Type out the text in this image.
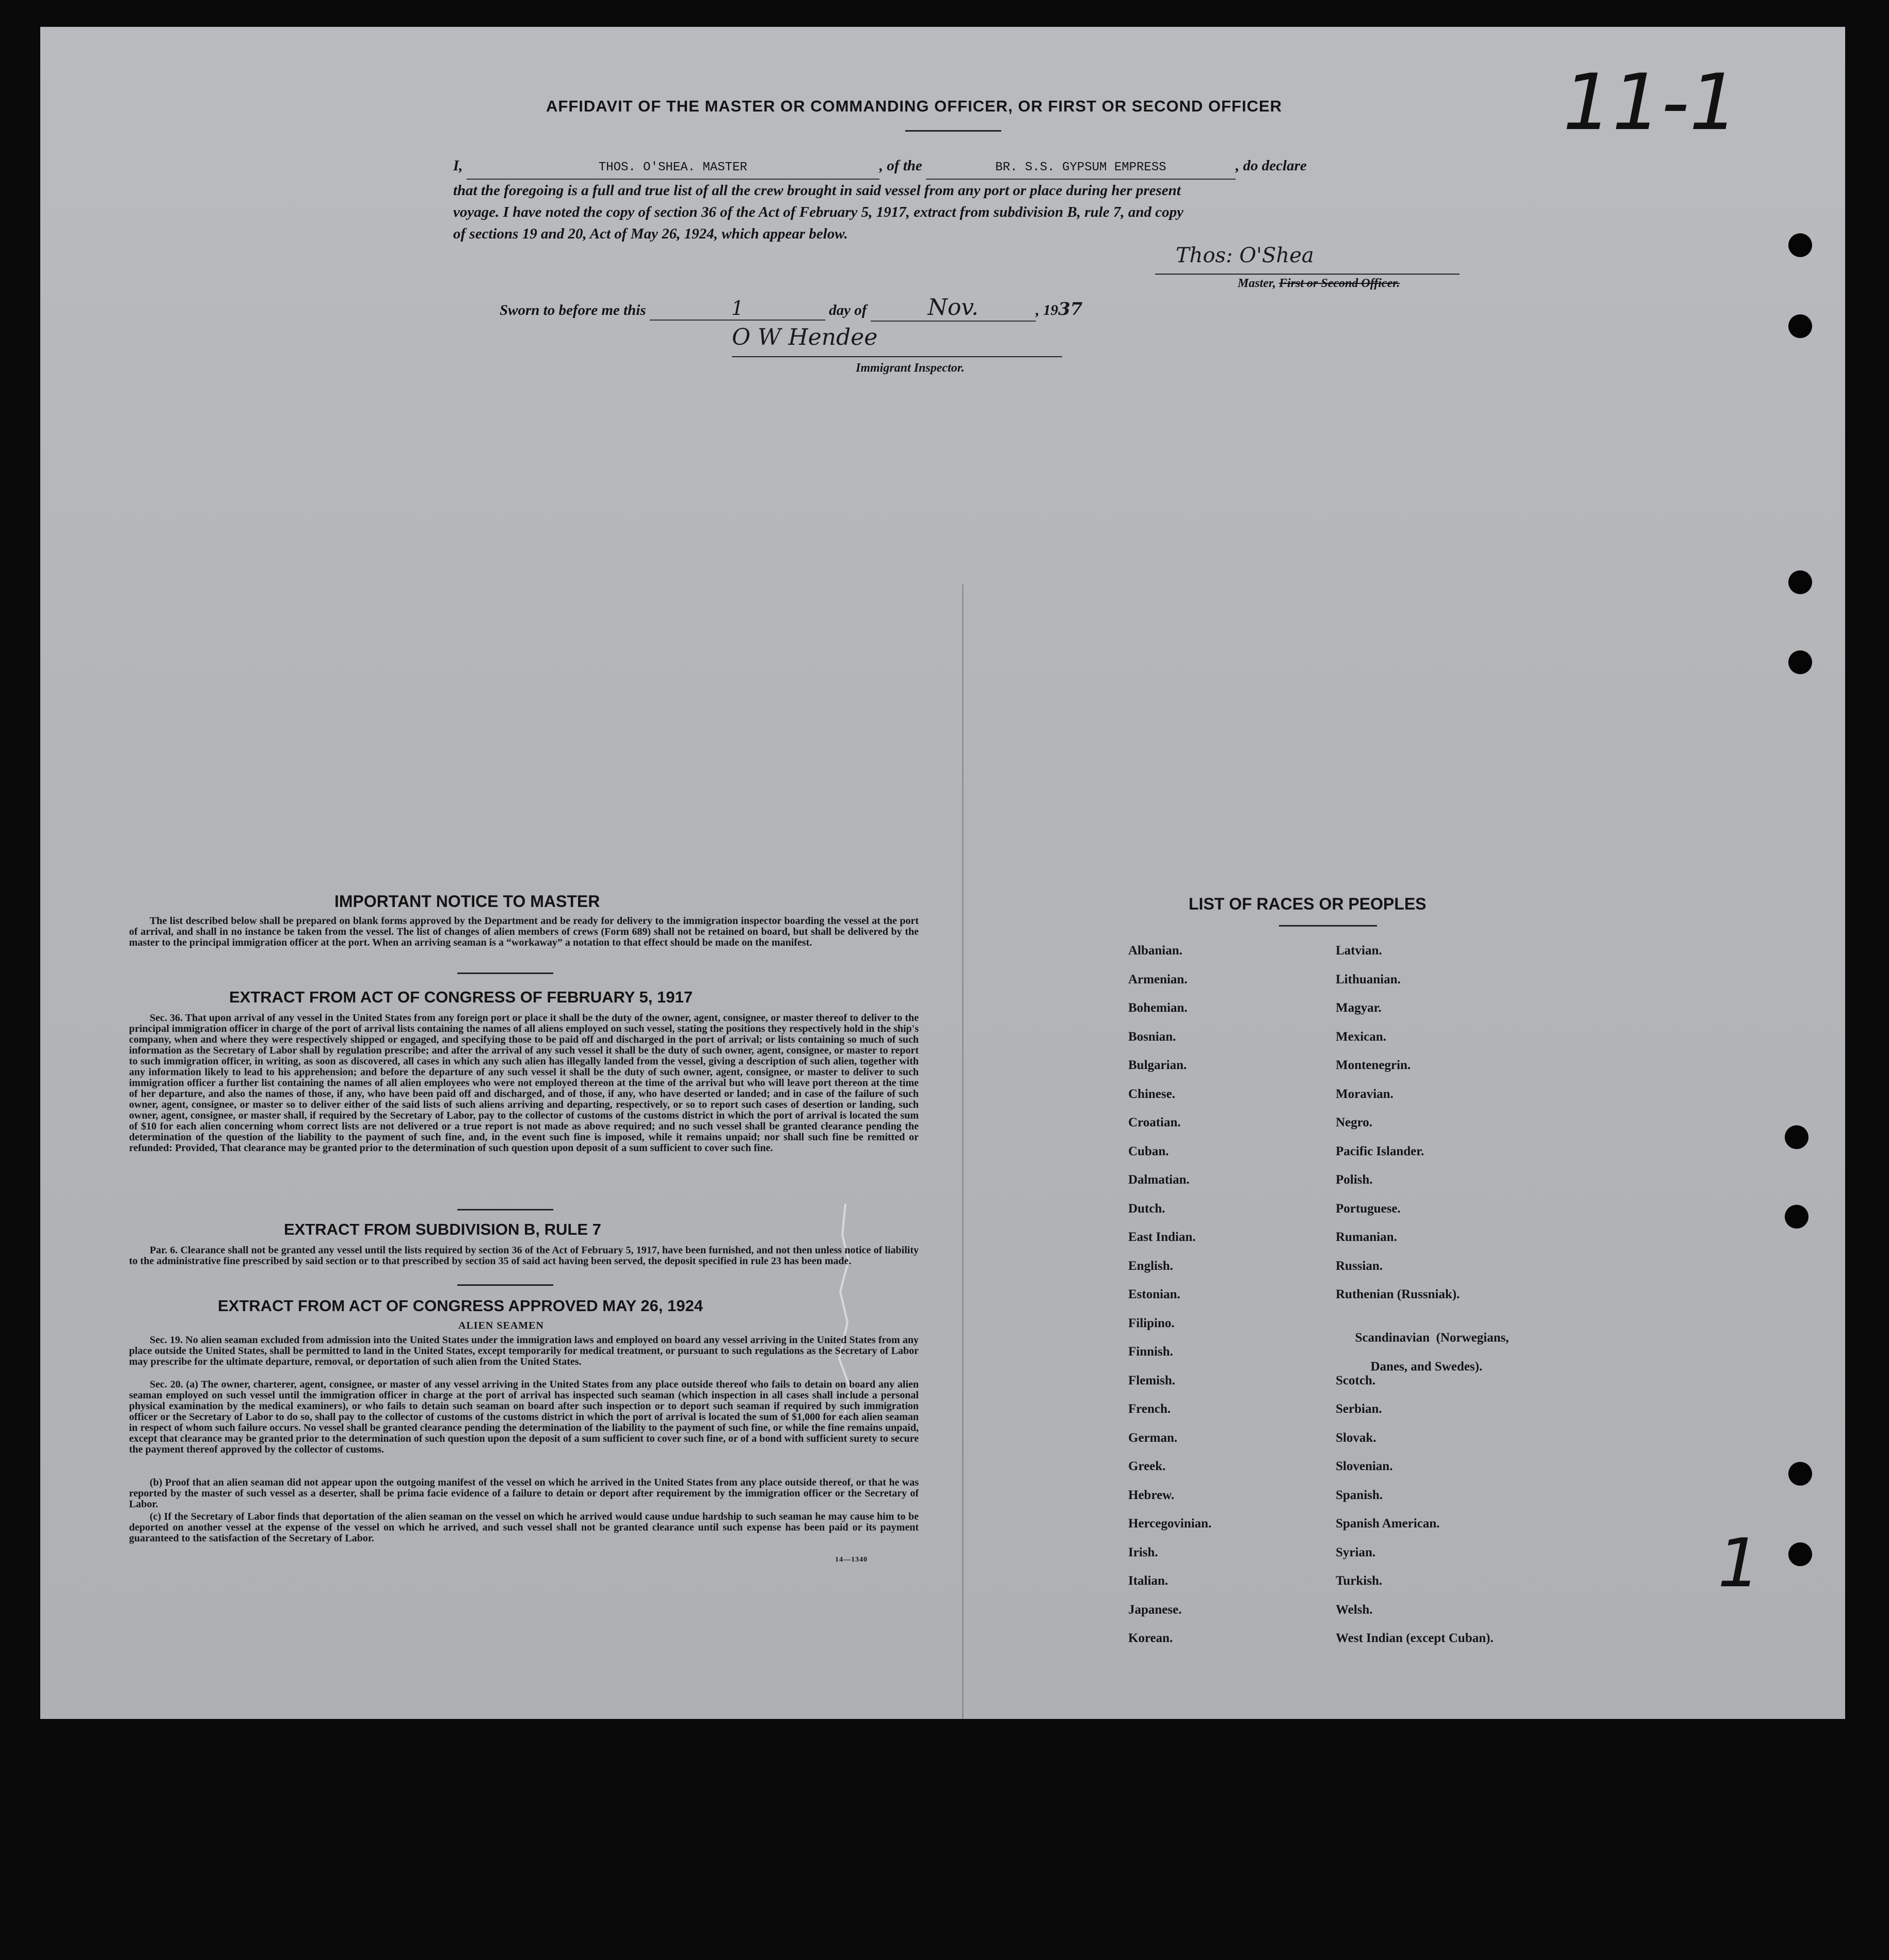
11-1
1
AFFIDAVIT OF THE MASTER OR COMMANDING OFFICER, OR FIRST OR SECOND OFFICER
I,	THOS. O'SHEA. MASTER	, of the	BR. S.S. GYPSUM EMPRESS	, do declare
that the foregoing is a full and true list of all the crew brought in said vessel from any port or place during her present
voyage. I have noted the copy of section 36 of the Act of February 5, 1917, extract from subdivision B, rule 7, and copy
of sections 19 and 20, Act of May 26, 1924, which appear below.
Thos: O'Shea
Master, First or Second Officer.
Sworn to before me this	1	day of	Nov.	, 1937
O W Hendee
Immigrant Inspector.
IMPORTANT NOTICE TO MASTER
The list described below shall be prepared on blank forms approved by the Department and be ready for delivery to the immigration inspector boarding the vessel at the port of arrival, and shall in no instance be taken from the vessel. The list of changes of alien members of crews (Form 689) shall not be retained on board, but shall be delivered by the master to the principal immigration officer at the port. When an arriving seaman is a “workaway” a notation to that effect should be made on the manifest.
EXTRACT FROM ACT OF CONGRESS OF FEBRUARY 5, 1917
Sec. 36. That upon arrival of any vessel in the United States from any foreign port or place it shall be the duty of the owner, agent, consignee, or master thereof to deliver to the principal immigration officer in charge of the port of arrival lists containing the names of all aliens employed on such vessel, stating the positions they respectively hold in the ship's company, when and where they were respectively shipped or engaged, and specifying those to be paid off and discharged in the port of arrival; or lists containing so much of such information as the Secretary of Labor shall by regulation prescribe; and after the arrival of any such vessel it shall be the duty of such owner, agent, consignee, or master to report to such immigration officer, in writing, as soon as discovered, all cases in which any such alien has illegally landed from the vessel, giving a description of such alien, together with any information likely to lead to his apprehension; and before the departure of any such vessel it shall be the duty of such owner, agent, consignee, or master to deliver to such immigration officer a further list containing the names of all alien employees who were not employed thereon at the time of the arrival but who will leave port thereon at the time of her departure, and also the names of those, if any, who have been paid off and discharged, and of those, if any, who have deserted or landed; and in case of the failure of such owner, agent, consignee, or master so to deliver either of the said lists of such aliens arriving and departing, respectively, or so to report such cases of desertion or landing, such owner, agent, consignee, or master shall, if required by the Secretary of Labor, pay to the collector of customs of the customs district in which the port of arrival is located the sum of $10 for each alien concerning whom correct lists are not delivered or a true report is not made as above required; and no such vessel shall be granted clearance pending the determination of the question of the liability to the payment of such fine, and, in the event such fine is imposed, while it remains unpaid; nor shall such fine be remitted or refunded: Provided, That clearance may be granted prior to the determination of such question upon deposit of a sum sufficient to cover such fine.
EXTRACT FROM SUBDIVISION B, RULE 7
Par. 6. Clearance shall not be granted any vessel until the lists required by section 36 of the Act of February 5, 1917, have been furnished, and not then unless notice of liability to the administrative fine prescribed by said section or to that prescribed by section 35 of said act having been served, the deposit specified in rule 23 has been made.
EXTRACT FROM ACT OF CONGRESS APPROVED MAY 26, 1924
ALIEN SEAMEN
Sec. 19. No alien seaman excluded from admission into the United States under the immigration laws and employed on board any vessel arriving in the United States from any place outside the United States, shall be permitted to land in the United States, except temporarily for medical treatment, or pursuant to such regulations as the Secretary of Labor may prescribe for the ultimate departure, removal, or deportation of such alien from the United States.
Sec. 20. (a) The owner, charterer, agent, consignee, or master of any vessel arriving in the United States from any place outside thereof who fails to detain on board any alien seaman employed on such vessel until the immigration officer in charge at the port of arrival has inspected such seaman (which inspection in all cases shall include a personal physical examination by the medical examiners), or who fails to detain such seaman on board after such inspection or to deport such seaman if required by such immigration officer or the Secretary of Labor to do so, shall pay to the collector of customs of the customs district in which the port of arrival is located the sum of $1,000 for each alien seaman in respect of whom such failure occurs. No vessel shall be granted clearance pending the determination of the liability to the payment of such fine, or while the fine remains unpaid, except that clearance may be granted prior to the determination of such question upon the deposit of a sum sufficient to cover such fine, or of a bond with sufficient surety to secure the payment thereof approved by the collector of customs.
(b) Proof that an alien seaman did not appear upon the outgoing manifest of the vessel on which he arrived in the United States from any place outside thereof, or that he was reported by the master of such vessel as a deserter, shall be prima facie evidence of a failure to detain or deport after requirement by the immigration officer or the Secretary of Labor.
(c) If the Secretary of Labor finds that deportation of the alien seaman on the vessel on which he arrived would cause undue hardship to such seaman he may cause him to be deported on another vessel at the expense of the vessel on which he arrived, and such vessel shall not be granted clearance until such expense has been paid or its payment guaranteed to the satisfaction of the Secretary of Labor.
14—1340
LIST OF RACES OR PEOPLES
Albanian.
Armenian.
Bohemian.
Bosnian.
Bulgarian.
Chinese.
Croatian.
Cuban.
Dalmatian.
Dutch.
East Indian.
English.
Estonian.
Filipino.
Finnish.
Flemish.
French.
German.
Greek.
Hebrew.
Hercegovinian.
Irish.
Italian.
Japanese.
Korean.
Latvian.
Lithuanian.
Magyar.
Mexican.
Montenegrin.
Moravian.
Negro.
Pacific Islander.
Polish.
Portuguese.
Rumanian.
Russian.
Ruthenian (Russniak).

Scandinavian  (Norwegians,

Danes, and Swedes).

Scotch.
Serbian.
Slovak.
Slovenian.
Spanish.
Spanish American.
Syrian.
Turkish.
Welsh.
West Indian (except Cuban).
